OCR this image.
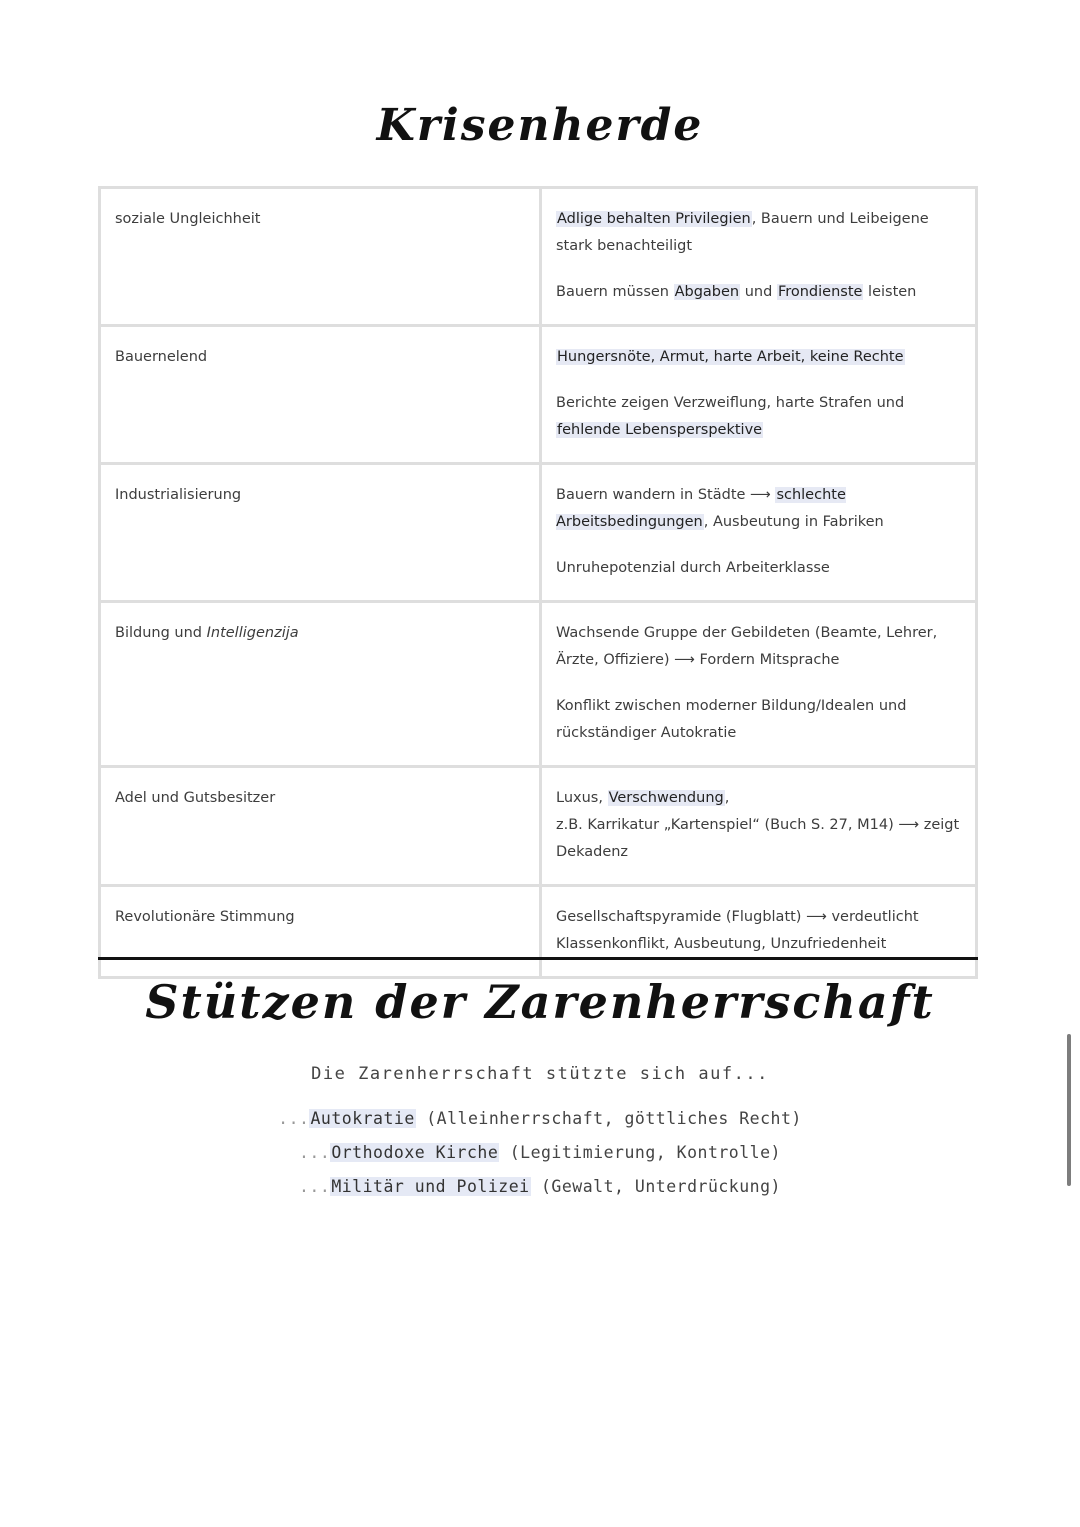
Krisenherde
soziale Ungleichheit	Adlige behalten Privilegien, Bauern und Leibeigene stark benachteiligt

Bauern müssen Abgaben und Frondienste leisten

Bauernelend	Hungersnöte, Armut, harte Arbeit, keine Rechte

Berichte zeigen Verzweiflung, harte Strafen und fehlende Lebensperspektive

Industrialisierung	Bauern wandern in Städte ⟶ schlechte Arbeitsbedingungen, Ausbeutung in Fabriken

Unruhepotenzial durch Arbeiterklasse

Bildung und Intelligenzija	Wachsende Gruppe der Gebildeten (Beamte, Lehrer, Ärzte, Offiziere) ⟶ Fordern Mitsprache

Konflikt zwischen moderner Bildung/Idealen und rückständiger Autokratie

Adel und Gutsbesitzer	Luxus, Verschwendung,
z.B. Karrikatur „Kartenspiel“ (Buch S. 27, M14) ⟶ zeigt Dekadenz

Revolutionäre Stimmung	Gesellschaftspyramide (Flugblatt) ⟶ verdeutlicht Klassenkonflikt, Ausbeutung, Unzufriedenheit

Stützen der Zarenherrschaft
Die Zarenherrschaft stützte sich auf...
...Autokratie (Alleinherrschaft, göttliches Recht)
...Orthodoxe Kirche (Legitimierung, Kontrolle)
...Militär und Polizei (Gewalt, Unterdrückung)
